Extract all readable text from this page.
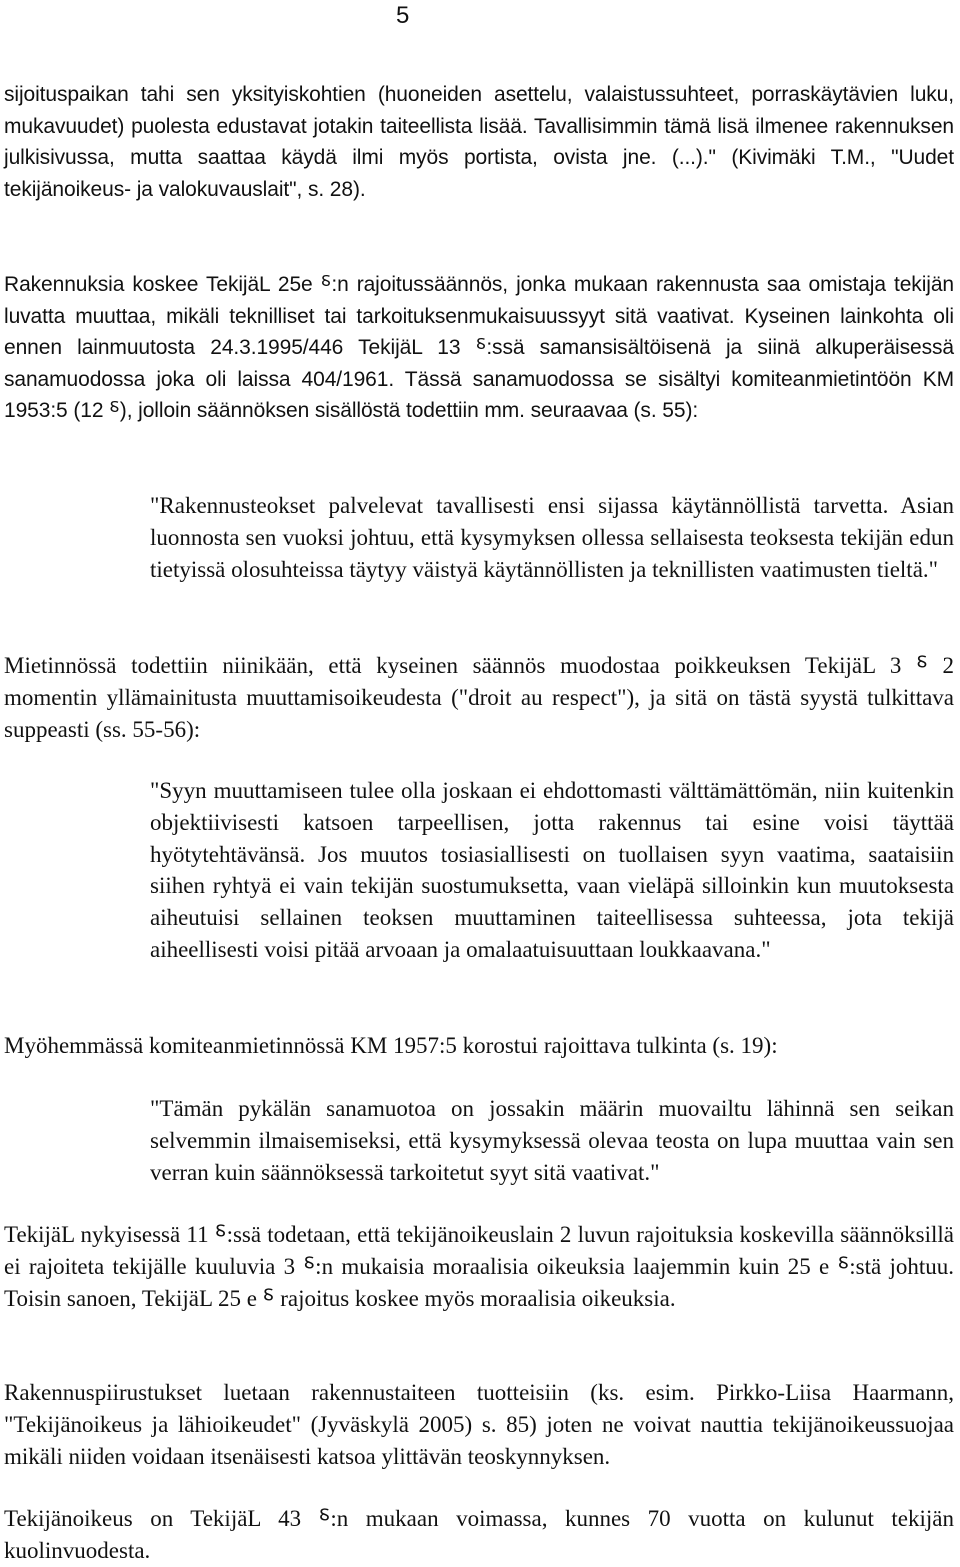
5

sijoituspaikan tahi sen yksityiskohtien (huoneiden asettelu, valaistussuhteet, porraskäytävien luku, mukavuudet) puolesta edustavat jotakin taiteellista lisää. Tavallisimmin tämä lisä ilmenee rakennuksen julkisivussa, mutta saattaa käydä ilmi myös portista, ovista jne. (...)." (Kivimäki T.M., "Uudet tekijänoikeus- ja valokuvauslait", s. 28).

Rakennuksia koskee TekijäL 25e ⸹:n rajoitussäännös, jonka mukaan rakennusta saa omistaja tekijän luvatta muuttaa, mikäli teknilliset tai tarkoituksenmukaisuussyyt sitä vaativat. Kyseinen lainkohta oli ennen lainmuutosta 24.3.1995/446 TekijäL 13 ⸹:ssä samansisältöisenä ja siinä alkuperäisessä sanamuodossa joka oli laissa 404/1961. Tässä sanamuodossa se sisältyi komiteanmietintöön KM 1953:5 (12 ⸹), jolloin säännöksen sisällöstä todettiin mm. seuraavaa (s. 55):

"Rakennusteokset palvelevat tavallisesti ensi sijassa käytännöllistä tarvetta. Asian luonnosta sen vuoksi johtuu, että kysymyksen ollessa sellaisesta teoksesta tekijän edun tietyissä olosuhteissa täytyy väistyä käytännöllisten ja teknillisten vaatimusten tieltä."

Mietinnössä todettiin niinikään, että kyseinen säännös muodostaa poikkeuksen TekijäL 3 ⸹ 2 momentin yllämainitusta muuttamisoikeudesta ("droit au respect"), ja sitä on tästä syystä tulkittava suppeasti (ss. 55-56):

"Syyn muuttamiseen tulee olla joskaan ei ehdottomasti välttämättömän, niin kuitenkin objektiivisesti katsoen tarpeellisen, jotta rakennus tai esine voisi täyttää hyötytehtävänsä. Jos muutos tosiasiallisesti on tuollaisen syyn vaatima, saataisiin siihen ryhtyä ei vain tekijän suostumuksetta, vaan vieläpä silloinkin kun muutoksesta aiheutuisi sellainen teoksen muuttaminen taiteellisessa suhteessa, jota tekijä aiheellisesti voisi pitää arvoaan ja omalaatuisuuttaan loukkaavana."

Myöhemmässä komiteanmietinnössä KM 1957:5 korostui rajoittava tulkinta (s. 19):

"Tämän pykälän sanamuotoa on jossakin määrin muovailtu lähinnä sen seikan selvemmin ilmaisemiseksi, että kysymyksessä olevaa teosta on lupa muuttaa vain sen verran kuin säännöksessä tarkoitetut syyt sitä vaativat."

TekijäL nykyisessä 11 ⸹:ssä todetaan, että tekijänoikeuslain 2 luvun rajoituksia koskevilla säännöksillä ei rajoiteta tekijälle kuuluvia 3 ⸹:n mukaisia moraalisia oikeuksia laajemmin kuin 25 e ⸹:stä johtuu. Toisin sanoen, TekijäL 25 e ⸹ rajoitus koskee myös moraalisia oikeuksia.

Rakennuspiirustukset luetaan rakennustaiteen tuotteisiin (ks. esim. Pirkko-Liisa Haarmann, "Tekijänoikeus ja lähioikeudet" (Jyväskylä 2005) s. 85) joten ne voivat nauttia tekijänoikeussuojaa mikäli niiden voidaan itsenäisesti katsoa ylittävän teoskynnyksen.

Tekijänoikeus on TekijäL 43 ⸹:n mukaan voimassa, kunnes 70 vuotta on kulunut tekijän kuolinvuodesta.
